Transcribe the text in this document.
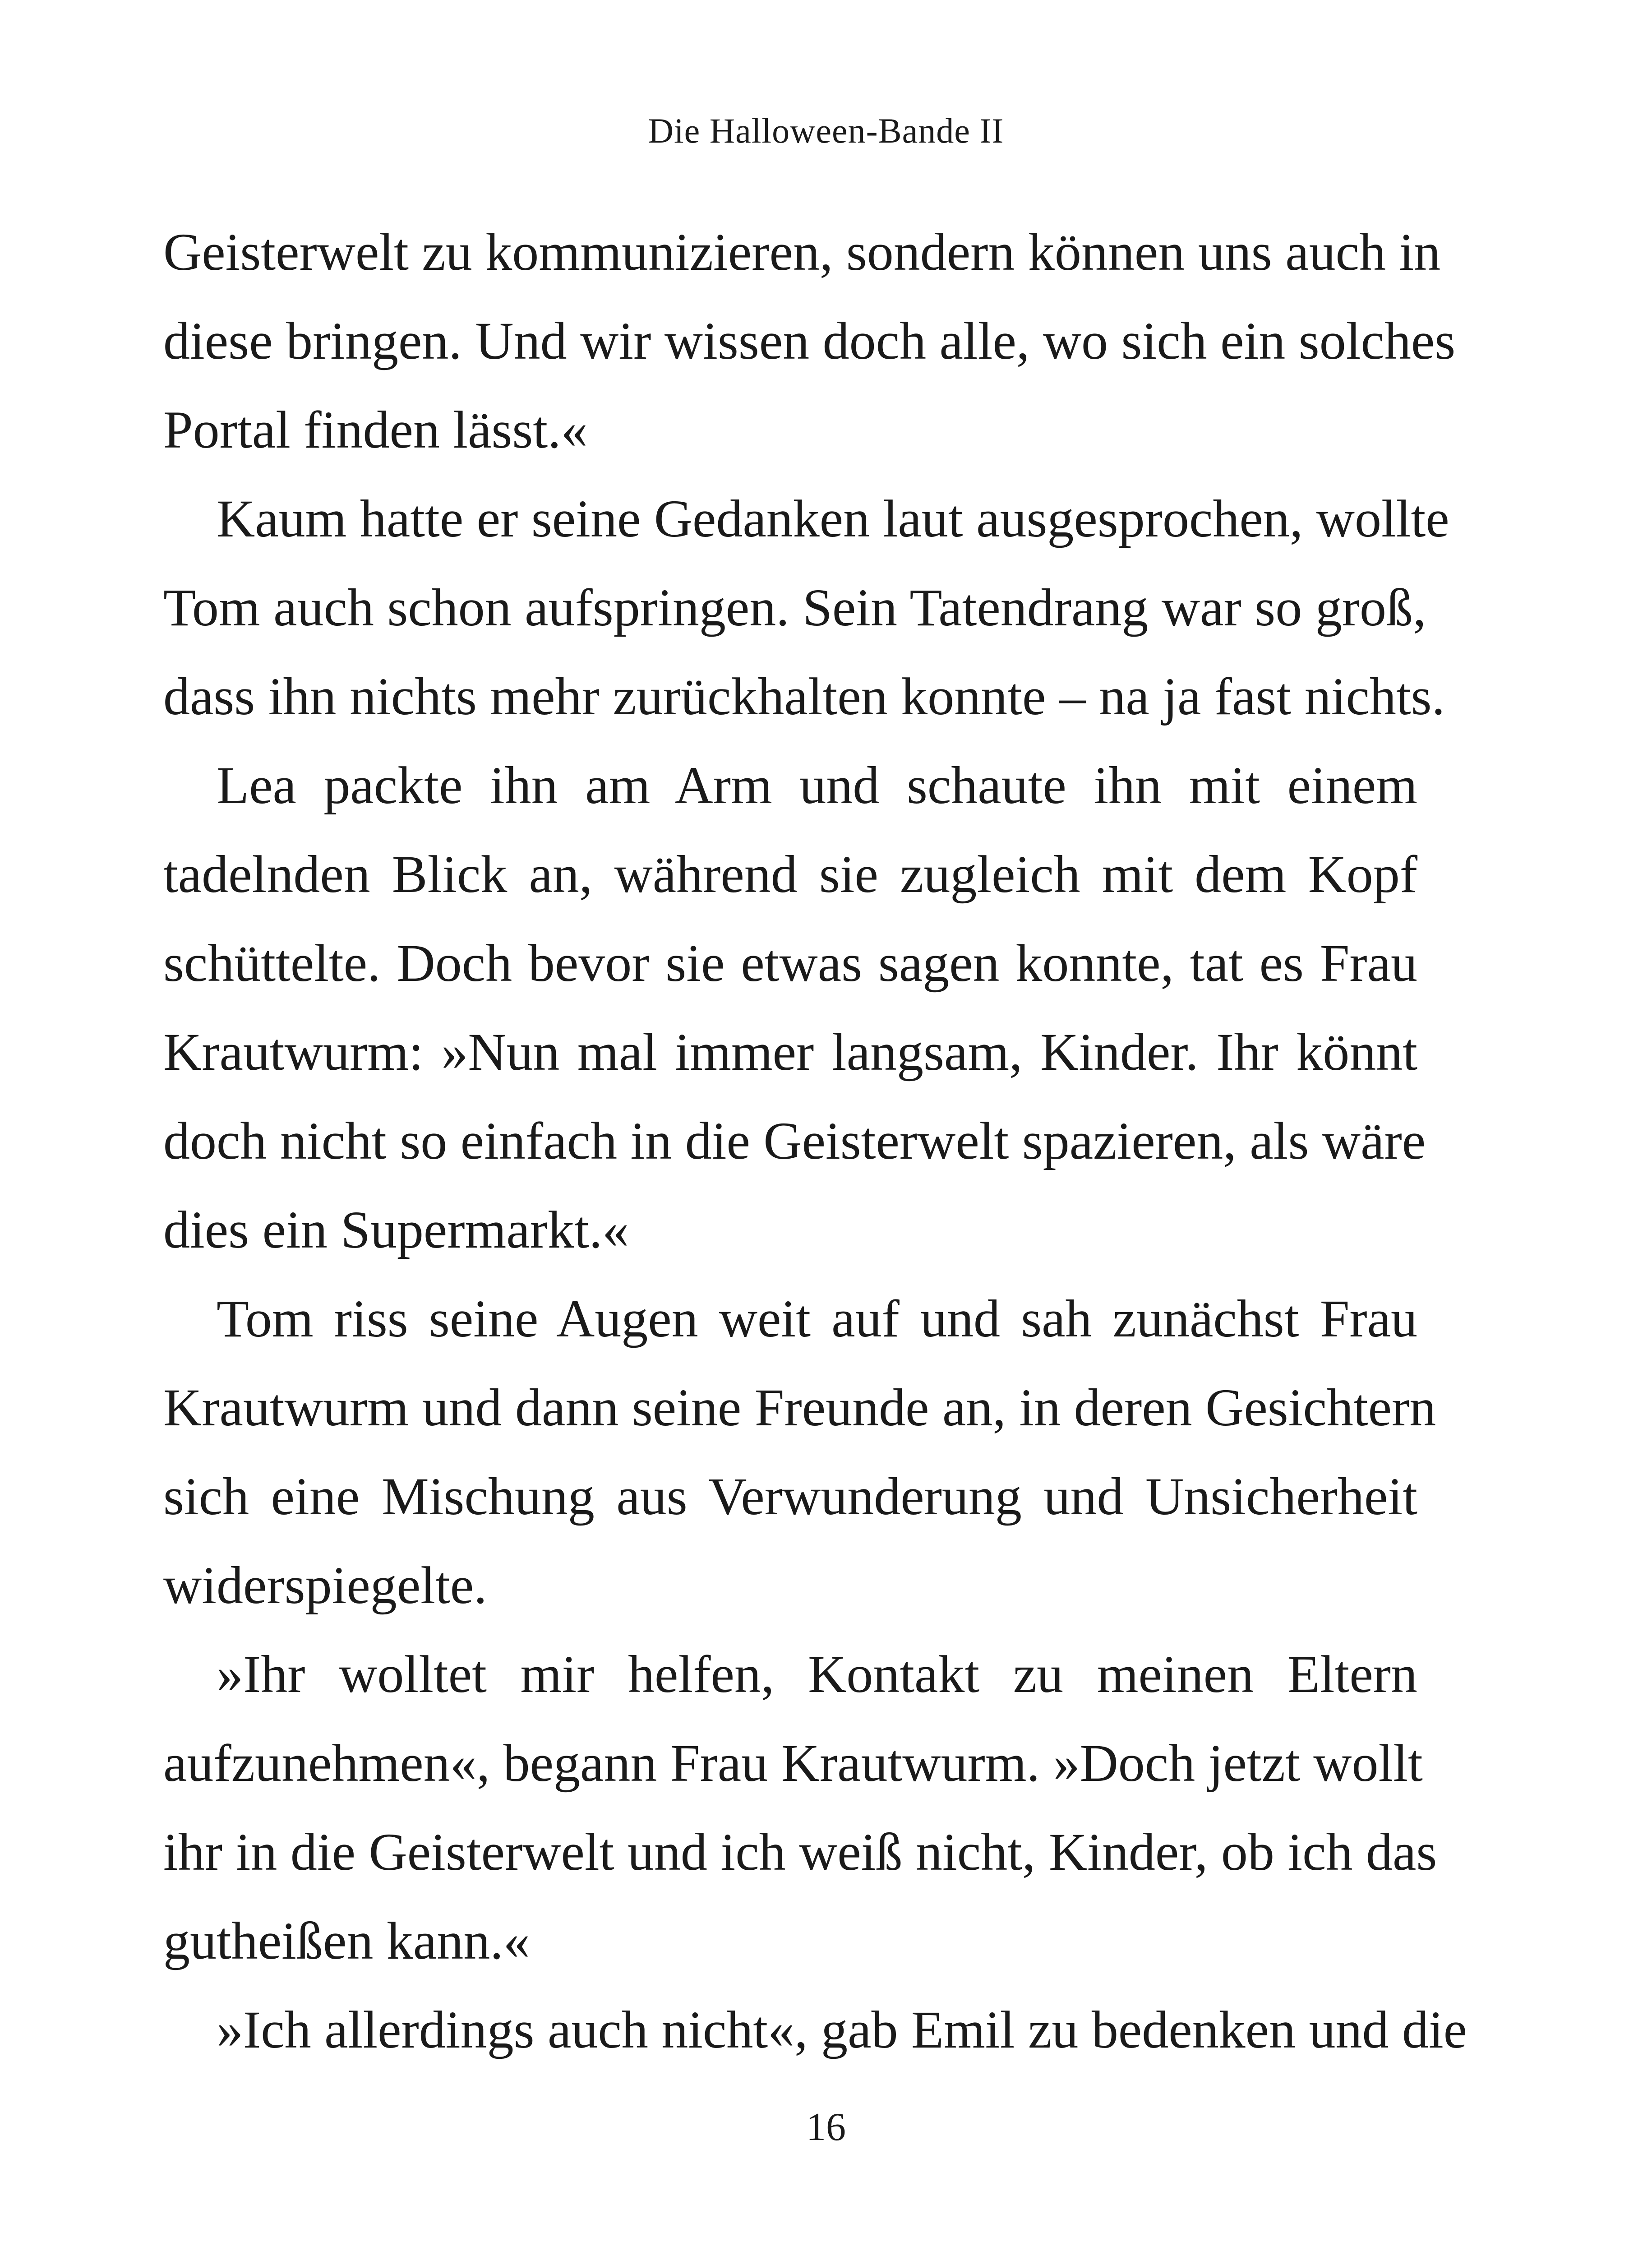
Die Halloween-Bande II
Geisterwelt zu kommunizieren, sondern können uns auch in
diese bringen. Und wir wissen doch alle, wo sich ein solches
Portal finden lässt.«
Kaum hatte er seine Gedanken laut ausgesprochen, wollte
Tom auch schon aufspringen. Sein Tatendrang war so groß,
dass ihn nichts mehr zurückhalten konnte – na ja fast nichts.
Lea packte ihn am Arm und schaute ihn mit einem
tadelnden Blick an, während sie zugleich mit dem Kopf
schüttelte. Doch bevor sie etwas sagen konnte, tat es Frau
Krautwurm: »Nun mal immer langsam, Kinder. Ihr könnt
doch nicht so einfach in die Geisterwelt spazieren, als wäre
dies ein Supermarkt.«
Tom riss seine Augen weit auf und sah zunächst Frau
Krautwurm und dann seine Freunde an, in deren Gesichtern
sich eine Mischung aus Verwunderung und Unsicherheit
widerspiegelte.
»Ihr wolltet mir helfen, Kontakt zu meinen Eltern
aufzunehmen«, begann Frau Krautwurm. »Doch jetzt wollt
ihr in die Geisterwelt und ich weiß nicht, Kinder, ob ich das
gutheißen kann.«
»Ich allerdings auch nicht«, gab Emil zu bedenken und die
16
